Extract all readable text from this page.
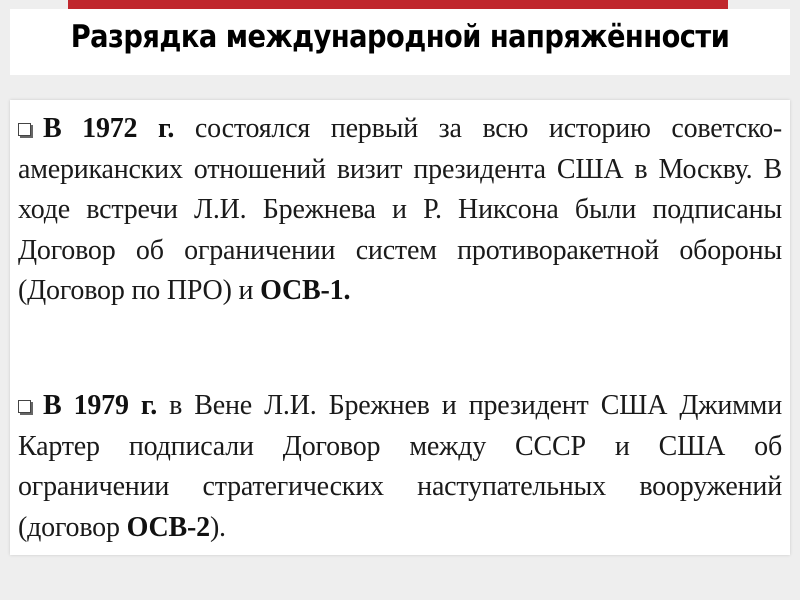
Разрядка международной напряжённости
В 1972 г. состоялся первый за всю историю советско-американских отношений визит президента США в Москву. В ходе встречи Л.И. Брежнева и Р. Никсона были подписаны Договор об ограничении систем противоракетной обороны (Договор по ПРО) и ОСВ-1.
В 1979 г. в Вене Л.И. Брежнев и президент США Джимми Картер подписали Договор между СССР и США об ограничении стратегических наступательных вооружений (договор ОСВ-2).
